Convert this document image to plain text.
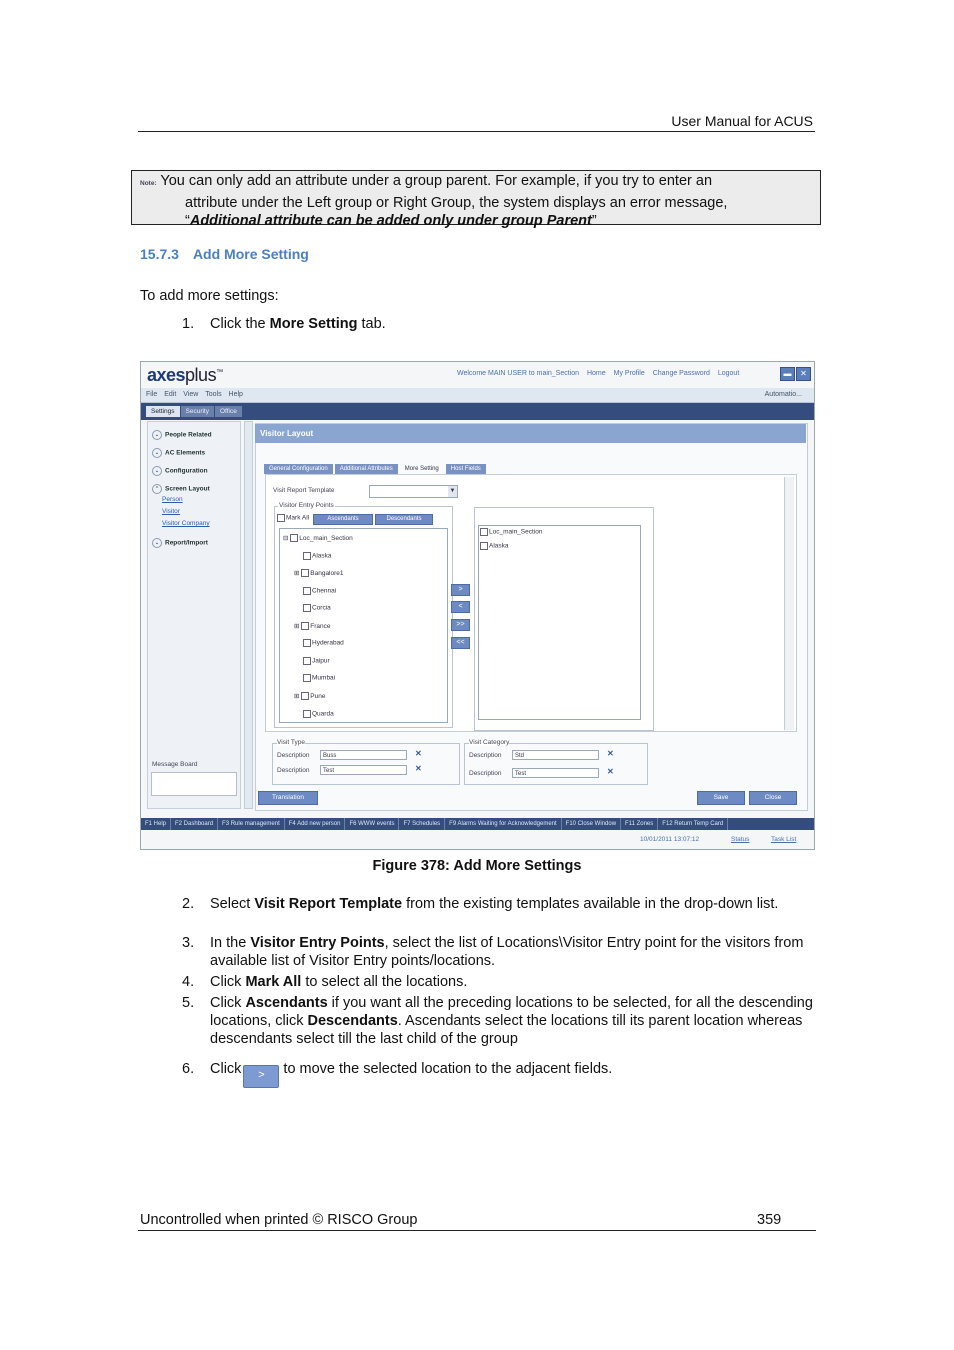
User Manual for ACUS
Note: You can only add an attribute under a group parent. For example, if you try to enter an
attribute under the Left group or Right Group, the system displays an error message,
“Additional attribute can be added only under group Parent”
15.7.3 Add More Setting
To add more settings:
1. Click the More Setting tab.
axesplus™	Welcome MAIN USER to main_Section Home My Profile Change Password Logout	▬	✕
File Edit View Tools Help	Automatio...
Settings Security Office
⌄ People Related
⌄ AC Elements
⌄ Configuration
⌃ Screen Layout
Person
Visitor
Visitor Company
⌄ Report/Import
Message Board
Visitor Layout
General Configuration Additional Attributes More Setting Host Fields
Visit Report Template	▼
Visitor Entry Points
Mark All	Ascendants	Descendants
⊟ Loc_main_Section
Alaska
⊞ Bangalore1
Chennai
Corcia
⊞ France
Hyderabad
Jaipur
Mumbai
⊞ Pune
Quarda
>
<
>>
<<
Loc_main_Section
Alaska
Visit Type
Description	Buss	✕
Description	Test	✕
Visit Category
Description	Std	✕
Description	Test	✕
Translation	Save	Close
F1 Help F2 Dashboard F3 Rule management F4 Add new person F6 WWW events F7 Schedules F9 Alarms Waiting for Acknowledgement F10 Close Window F11 Zones F12 Return Temp Card
10/01/2011 13:07:12	Status	Task List
Figure 378: Add More Settings
2. Select Visit Report Template from the existing templates available in the drop-down list.
3. In the Visitor Entry Points, select the list of Locations\Visitor Entry point for the visitors from available list of Visitor Entry points/locations.
4. Click Mark All to select all the locations.
5. Click Ascendants if you want all the preceding locations to be selected, for all the descending locations, click Descendants. Ascendants select the locations till its parent location whereas descendants select till the last child of the group
6. Click > to move the selected location to the adjacent fields.
Uncontrolled when printed © RISCO Group	359
